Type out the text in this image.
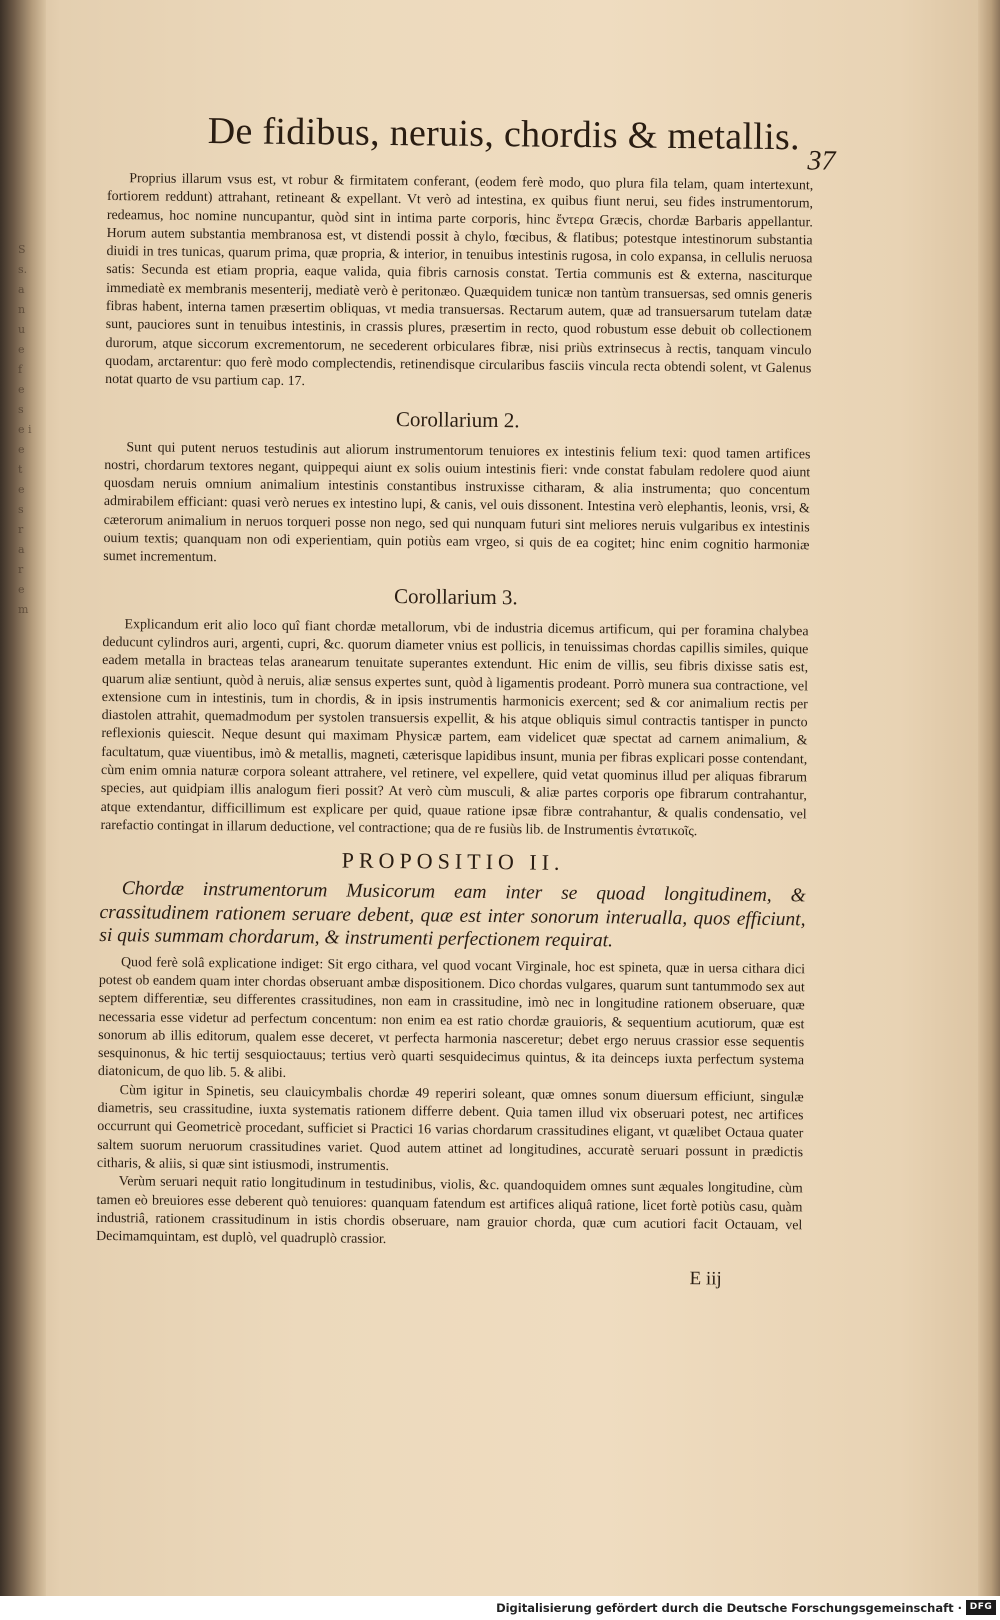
S s. a n u e f e s e i e t e s r a r e m
De fidibus, neruis, chordis & metallis.
37

Proprius illarum vsus est, vt robur & firmitatem conferant, (eodem ferè modo, quo plura fila telam, quam intertexunt, fortiorem reddunt) attrahant, retineant & expellant. Vt verò ad intestina, ex quibus fiunt nerui, seu fides instrumentorum, redeamus, hoc nomine nuncupantur, quòd sint in intima parte corporis, hinc ἔντερα Græcis, chordæ Barbaris appellantur. Horum autem substantia membranosa est, vt distendi possit à chylo, fœcibus, & flatibus; potestque intestinorum substantia diuidi in tres tunicas, quarum prima, quæ propria, & interior, in tenuibus intestinis rugosa, in colo expansa, in cellulis neruosa satis: Secunda est etiam propria, eaque valida, quia fibris carnosis constat. Tertia communis est & externa, nasciturque immediatè ex membranis mesenterij, mediatè verò è peritonæo. Quæquidem tunicæ non tantùm transuersas, sed omnis generis fibras habent, interna tamen præsertim obliquas, vt media transuersas. Rectarum autem, quæ ad transuersarum tutelam datæ sunt, pauciores sunt in tenuibus intestinis, in crassis plures, præsertim in recto, quod robustum esse debuit ob collectionem durorum, atque siccorum excrementorum, ne secederent orbiculares fibræ, nisi priùs extrinsecus à rectis, tanquam vinculo quodam, arctarentur: quo ferè modo complectendis, retinendisque circularibus fasciis vincula recta obtendi solent, vt Galenus notat quarto de vsu partium cap. 17.

Corollarium 2.

Sunt qui putent neruos testudinis aut aliorum instrumentorum tenuiores ex intestinis felium texi: quod tamen artifices nostri, chordarum textores negant, quippequi aiunt ex solis ouium intestinis fieri: vnde constat fabulam redolere quod aiunt quosdam neruis omnium animalium intestinis constantibus instruxisse citharam, & alia instrumenta; quo concentum admirabilem efficiant: quasi verò nerues ex intestino lupi, & canis, vel ouis dissonent. Intestina verò elephantis, leonis, vrsi, & cæterorum animalium in neruos torqueri posse non nego, sed qui nunquam futuri sint meliores neruis vulgaribus ex intestinis ouium textis; quanquam non odi experientiam, quin potiùs eam vrgeo, si quis de ea cogitet; hinc enim cognitio harmoniæ sumet incrementum.

Corollarium 3.

Explicandum erit alio loco quî fiant chordæ metallorum, vbi de industria dicemus artificum, qui per foramina chalybea deducunt cylindros auri, argenti, cupri, &c. quorum diameter vnius est pollicis, in tenuissimas chordas capillis similes, quique eadem metalla in bracteas telas aranearum tenuitate superantes extendunt. Hic enim de villis, seu fibris dixisse satis est, quarum aliæ sentiunt, quòd à neruis, aliæ sensus expertes sunt, quòd à ligamentis prodeant. Porrò munera sua contractione, vel extensione cum in intestinis, tum in chordis, & in ipsis instrumentis harmonicis exercent; sed & cor animalium rectis per diastolen attrahit, quemadmodum per systolen transuersis expellit, & his atque obliquis simul contractis tantisper in puncto reflexionis quiescit. Neque desunt qui maximam Physicæ partem, eam videlicet quæ spectat ad carnem animalium, & facultatum, quæ viuentibus, imò & metallis, magneti, cæterisque lapidibus insunt, munia per fibras explicari posse contendant, cùm enim omnia naturæ corpora soleant attrahere, vel retinere, vel expellere, quid vetat quominus illud per aliquas fibrarum species, aut quidpiam illis analogum fieri possit? At verò cùm musculi, & aliæ partes corporis ope fibrarum contrahantur, atque extendantur, difficillimum est explicare per quid, quaue ratione ipsæ fibræ contrahantur, & qualis condensatio, vel rarefactio contingat in illarum deductione, vel contractione; qua de re fusiùs lib. de Instrumentis ἐντατικοῖς.

PROPOSITIO II.

Chordæ instrumentorum Musicorum eam inter se quoad longitudinem, & crassitudinem rationem seruare debent, quæ est inter sonorum interualla, quos efficiunt, si quis summam chordarum, & instrumenti perfectionem requirat.

Quod ferè solâ explicatione indiget: Sit ergo cithara, vel quod vocant Virginale, hoc est spineta, quæ in uersa cithara dici potest ob eandem quam inter chordas obseruant ambæ dispositionem. Dico chordas vulgares, quarum sunt tantummodo sex aut septem differentiæ, seu differentes crassitudines, non eam in crassitudine, imò nec in longitudine rationem obseruare, quæ necessaria esse videtur ad perfectum concentum: non enim ea est ratio chordæ grauioris, & sequentium acutiorum, quæ est sonorum ab illis editorum, qualem esse deceret, vt perfecta harmonia nasceretur; debet ergo neruus crassior esse sequentis sesquinonus, & hic tertij sesquioctauus; tertius verò quarti sesquidecimus quintus, & ita deinceps iuxta perfectum systema diatonicum, de quo lib. 5. & alibi.

Cùm igitur in Spinetis, seu clauicymbalis chordæ 49 reperiri soleant, quæ omnes sonum diuersum efficiunt, singulæ diametris, seu crassitudine, iuxta systematis rationem differre debent. Quia tamen illud vix obseruari potest, nec artifices occurrunt qui Geometricè procedant, sufficiet si Practici 16 varias chordarum crassitudines eligant, vt quælibet Octaua quater saltem suorum neruorum crassitudines variet. Quod autem attinet ad longitudines, accuratè seruari possunt in prædictis citharis, & aliis, si quæ sint istiusmodi, instrumentis.

Verùm seruari nequit ratio longitudinum in testudinibus, violis, &c. quandoquidem omnes sunt æquales longitudine, cùm tamen eò breuiores esse deberent quò tenuiores: quanquam fatendum est artifices aliquâ ratione, licet fortè potiùs casu, quàm industriâ, rationem crassitudinum in istis chordis obseruare, nam grauior chorda, quæ cum acutiori facit Octauam, vel Decimamquintam, est duplò, vel quadruplò crassior.

E iij
Digitalisierung gefördert durch die Deutsche Forschungsgemeinschaft · DFG
